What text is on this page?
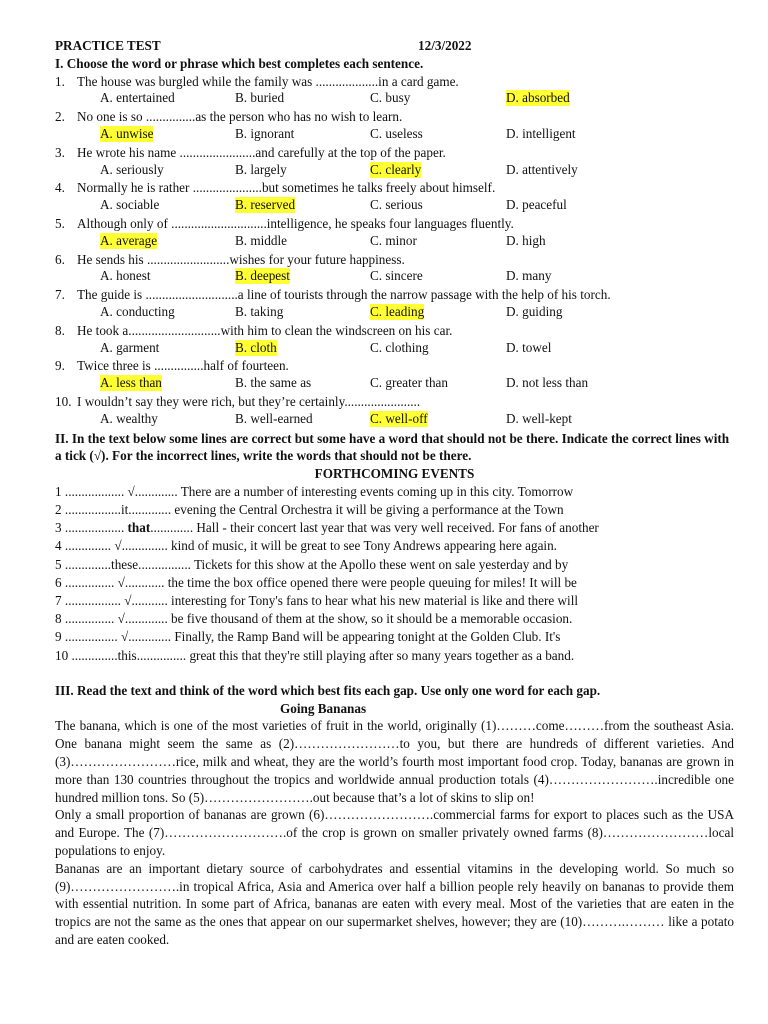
PRACTICE TEST	12/3/2022
I. Choose the word or phrase which best completes each sentence.
1. The house was burgled while the family was ...................in a card game.
A. entertained	B. buried	C. busy	D. absorbed
2. No one is so ...............as the person who has no wish to learn.
A. unwise	B. ignorant	C. useless	D. intelligent
3. He wrote his name .......................and carefully at the top of the paper.
A. seriously	B. largely	C. clearly	D. attentively
4. Normally he is rather .....................but sometimes he talks freely about himself.
A. sociable	B. reserved	C. serious	D. peaceful
5. Although only of .............................intelligence, he speaks four languages fluently.
A. average	B. middle	C. minor	D. high
6. He sends his .........................wishes for your future happiness.
A. honest	B. deepest	C. sincere	D. many
7. The guide is ............................a line of tourists through the narrow passage with the help of his torch.
A. conducting	B. taking	C. leading	D. guiding
8. He took a............................with him to clean the windscreen on his car.
A. garment	B. cloth	C. clothing	D. towel
9. Twice three is ...............half of fourteen.
A. less than	B. the same as	C. greater than	D. not less than
10. I wouldn’t say they were rich, but they’re certainly.......................
A. wealthy	B. well-earned	C. well-off	D. well-kept
II. In the text below some lines are correct but some have a word that should not be there. Indicate the correct lines with a tick (√). For the incorrect lines, write the words that should not be there.
FORTHCOMING EVENTS
1 .................. √............. There are a number of interesting events coming up in this city. Tomorrow
2 .................it............. evening the Central Orchestra it will be giving a performance at the Town
3 .................. that............. Hall - their concert last year that was very well received. For fans of another
4 .............. √.............. kind of music, it will be great to see Tony Andrews appearing here again.
5 ..............these................ Tickets for this show at the Apollo these went on sale yesterday and by
6 ............... √............ the time the box office opened there were people queuing for miles! It will be
7 ................. √........... interesting for Tony's fans to hear what his new material is like and there will
8 ............... √............. be five thousand of them at the show, so it should be a memorable occasion.
9 ................ √............. Finally, the Ramp Band will be appearing tonight at the Golden Club. It's
10 ..............this............... great this that they're still playing after so many years together as a band.
III. Read the text and think of the word which best fits each gap. Use only one word for each gap.
Going Bananas
The banana, which is one of the most varieties of fruit in the world, originally (1)………come………from the southeast Asia. One banana might seem the same as (2)……………………to you, but there are hundreds of different varieties. And (3)……………………rice, milk and wheat, they are the world’s fourth most important food crop. Today, bananas are grown in more than 130 countries throughout the tropics and worldwide annual production totals (4)…………………….incredible one hundred million tons. So (5)…………………….out because that’s a lot of skins to slip on!
Only a small proportion of bananas are grown (6)…………………….commercial farms for export to places such as the USA and Europe. The (7)……………………….of the crop is grown on smaller privately owned farms (8)……………………local populations to enjoy.
Bananas are an important dietary source of carbohydrates and essential vitamins in the developing world. So much so (9)…………………….in tropical Africa, Asia and America over half a billion people rely heavily on bananas to provide them with essential nutrition. In some part of Africa, bananas are eaten with every meal. Most of the varieties that are eaten in the tropics are not the same as the ones that appear on our supermarket shelves, however; they are (10)……….……… like a potato and are eaten cooked.
